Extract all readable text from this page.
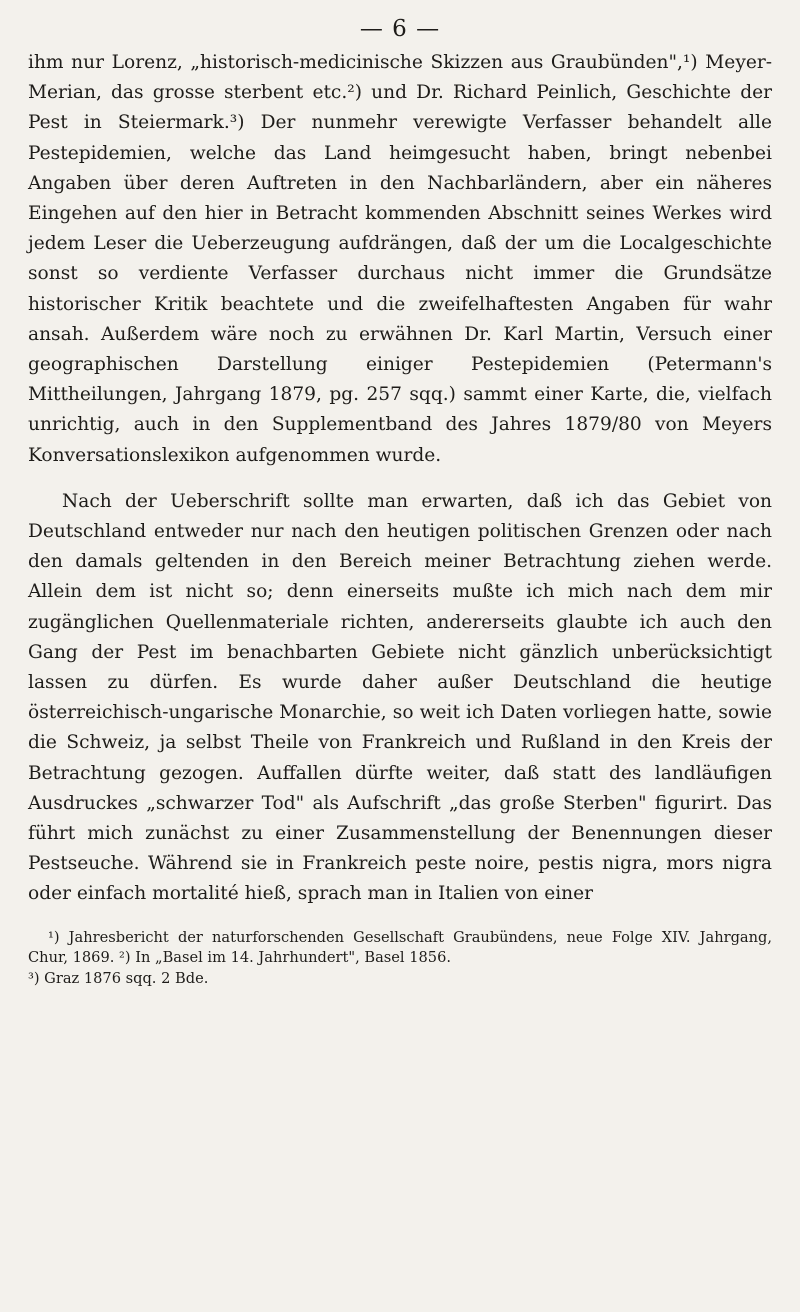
— 6 —

ihm nur Lorenz, „historisch-medicinische Skizzen aus Graubünden",¹) Meyer-Merian, das grosse sterbent etc.²) und Dr. Richard Peinlich, Geschichte der Pest in Steiermark.³) Der nunmehr verewigte Verfasser behandelt alle Pestepidemien, welche das Land heimgesucht haben, bringt nebenbei Angaben über deren Auftreten in den Nachbarländern, aber ein näheres Eingehen auf den hier in Betracht kommenden Abschnitt seines Werkes wird jedem Leser die Ueberzeugung aufdrängen, daß der um die Localgeschichte sonst so verdiente Verfasser durchaus nicht immer die Grundsätze historischer Kritik beachtete und die zweifelhaftesten Angaben für wahr ansah. Außerdem wäre noch zu erwähnen Dr. Karl Martin, Versuch einer geographischen Darstellung einiger Pestepidemien (Petermann's Mittheilungen, Jahrgang 1879, pg. 257 sqq.) sammt einer Karte, die, vielfach unrichtig, auch in den Supplementband des Jahres 1879/80 von Meyers Konversationslexikon aufgenommen wurde.

Nach der Ueberschrift sollte man erwarten, daß ich das Gebiet von Deutschland entweder nur nach den heutigen politischen Grenzen oder nach den damals geltenden in den Bereich meiner Betrachtung ziehen werde. Allein dem ist nicht so; denn einerseits mußte ich mich nach dem mir zugänglichen Quellenmateriale richten, andererseits glaubte ich auch den Gang der Pest im benachbarten Gebiete nicht gänzlich unberücksichtigt lassen zu dürfen. Es wurde daher außer Deutschland die heutige österreichisch-ungarische Monarchie, so weit ich Daten vorliegen hatte, sowie die Schweiz, ja selbst Theile von Frankreich und Rußland in den Kreis der Betrachtung gezogen. Auffallen dürfte weiter, daß statt des landläufigen Ausdruckes „schwarzer Tod" als Aufschrift „das große Sterben" figurirt. Das führt mich zunächst zu einer Zusammenstellung der Benennungen dieser Pestseuche. Während sie in Frankreich peste noire, pestis nigra, mors nigra oder einfach mortalité hieß, sprach man in Italien von einer

¹) Jahresbericht der naturforschenden Gesellschaft Graubündens, neue Folge XIV. Jahrgang, Chur, 1869. ²) In „Basel im 14. Jahrhundert", Basel 1856.

³) Graz 1876 sqq. 2 Bde.
